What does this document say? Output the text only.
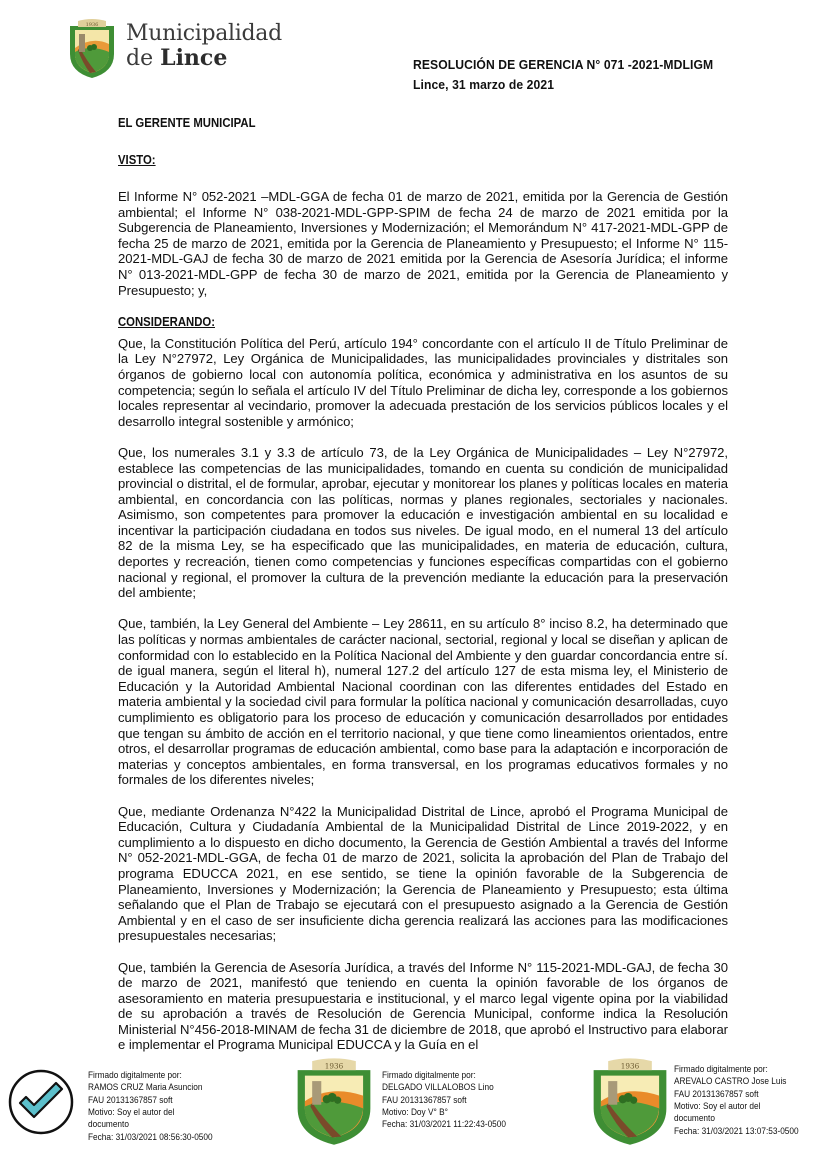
1936 Municipalidad
de Lince	RESOLUCIÓN DE GERENCIA N° 071 -2021-MDLIGM
Lince, 31 marzo de 2021
EL GERENTE MUNICIPAL
VISTO:

El Informe N° 052-2021 –MDL-GGA de fecha 01 de marzo de 2021, emitida por la Gerencia de Gestión ambiental; el Informe N° 038-2021-MDL-GPP-SPIM de fecha 24 de marzo de 2021 emitida por la Subgerencia de Planeamiento, Inversiones y Modernización; el Memorándum N° 417-2021-MDL-GPP de fecha 25 de marzo de 2021, emitida por la Gerencia de Planeamiento y Presupuesto; el Informe N° 115-2021-MDL-GAJ de fecha 30 de marzo de 2021 emitida por la Gerencia de Asesoría Jurídica; el informe N° 013-2021-MDL-GPP de fecha 30 de marzo de 2021, emitida por la Gerencia de Planeamiento y Presupuesto; y,

CONSIDERANDO:

Que, la Constitución Política del Perú, artículo 194° concordante con el artículo II de Título Preliminar de la Ley N°27972, Ley Orgánica de Municipalidades, las municipalidades provinciales y distritales son órganos de gobierno local con autonomía política, económica y administrativa en los asuntos de su competencia; según lo señala el artículo IV del Título Preliminar de dicha ley, corresponde a los gobiernos locales representar al vecindario, promover la adecuada prestación de los servicios públicos locales y el desarrollo integral sostenible y armónico;

Que, los numerales 3.1 y 3.3 de artículo 73, de la Ley Orgánica de Municipalidades – Ley N°27972, establece las competencias de las municipalidades, tomando en cuenta su condición de municipalidad provincial o distrital, el de formular, aprobar, ejecutar y monitorear los planes y políticas locales en materia ambiental, en concordancia con las políticas, normas y planes regionales, sectoriales y nacionales. Asimismo, son competentes para promover la educación e investigación ambiental en su localidad e incentivar la participación ciudadana en todos sus niveles. De igual modo, en el numeral 13 del artículo 82 de la misma Ley, se ha especificado que las municipalidades, en materia de educación, cultura, deportes y recreación, tienen como competencias y funciones específicas compartidas con el gobierno nacional y regional, el promover la cultura de la prevención mediante la educación para la preservación del ambiente;

Que, también, la Ley General del Ambiente – Ley 28611, en su artículo 8° inciso 8.2, ha determinado que las políticas y normas ambientales de carácter nacional, sectorial, regional y local se diseñan y aplican de conformidad con lo establecido en la Política Nacional del Ambiente y den guardar concordancia entre sí.

de igual manera, según el literal h), numeral 127.2 del artículo 127 de esta misma ley, el Ministerio de Educación y la Autoridad Ambiental Nacional coordinan con las diferentes entidades del Estado en materia ambiental y la sociedad civil para formular la política nacional y comunicación desarrolladas, cuyo cumplimiento es obligatorio para los proceso de educación y comunicación desarrollados por entidades que tengan su ámbito de acción en el territorio nacional, y que tiene como lineamientos orientados, entre otros, el desarrollar programas de educación ambiental, como base para la adaptación e incorporación de materias y conceptos ambientales, en forma transversal, en los programas educativos formales y no formales de los diferentes niveles;

Que, mediante Ordenanza N°422 la Municipalidad Distrital de Lince, aprobó el Programa Municipal de Educación, Cultura y Ciudadanía Ambiental de la Municipalidad Distrital de Lince 2019-2022, y en cumplimiento a lo dispuesto en dicho documento, la Gerencia de Gestión Ambiental a través del Informe N° 052-2021-MDL-GGA, de fecha 01 de marzo de 2021, solicita la aprobación del Plan de Trabajo del programa EDUCCA 2021, en ese sentido, se tiene la opinión favorable de la Subgerencia de Planeamiento, Inversiones y Modernización; la Gerencia de Planeamiento y Presupuesto; esta última señalando que el Plan de Trabajo se ejecutará con el presupuesto asignado a la Gerencia de Gestión Ambiental y en el caso de ser insuficiente dicha gerencia realizará las acciones para las modificaciones presupuestales necesarias;

Que, también la Gerencia de Asesoría Jurídica, a través del Informe N° 115-2021-MDL-GAJ, de fecha 30 de marzo de 2021, manifestó que teniendo en cuenta la opinión favorable de los órganos de asesoramiento en materia presupuestaria e institucional, y el marco legal vigente opina por la viabilidad de su aprobación a través de Resolución de Gerencia Municipal, conforme indica la Resolución Ministerial N°456-2018-MINAM de fecha 31 de diciembre de 2018, que aprobó el Instructivo para elaborar e implementar el Programa Municipal EDUCCA y la Guía en el

Firmado digitalmente por:
RAMOS CRUZ Maria Asuncion
FAU 20131367857 soft
Motivo: Soy el autor del
documento
Fecha: 31/03/2021 08:56:30-0500
1936
Firmado digitalmente por:
DELGADO VILLALOBOS Lino
FAU 20131367857 soft
Motivo: Doy V° B°
Fecha: 31/03/2021 11:22:43-0500
1936	Firmado digitalmente por:
AREVALO CASTRO Jose Luis
FAU 20131367857 soft
Motivo: Soy el autor del
documento
Fecha: 31/03/2021 13:07:53-0500
